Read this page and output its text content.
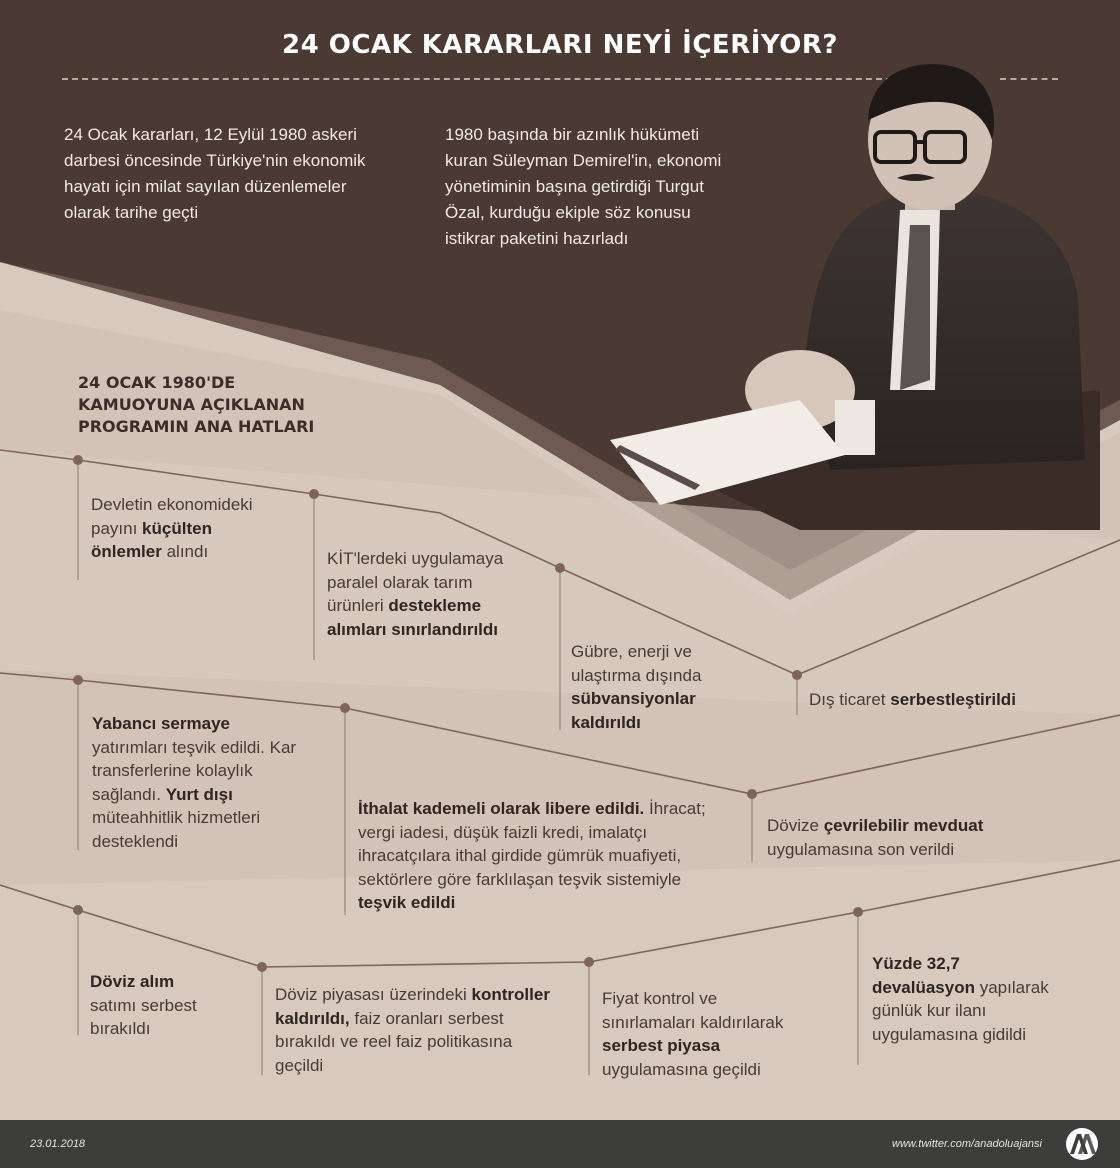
24 OCAK KARARLARI NEYİ İÇERİYOR?
24 Ocak kararları, 12 Eylül 1980 askeri darbesi öncesinde Türkiye'nin ekonomik hayatı için milat sayılan düzenlemeler olarak tarihe geçti
1980 başında bir azınlık hükümeti kuran Süleyman Demirel'in, ekonomi yönetiminin başına getirdiği Turgut Özal, kurduğu ekiple söz konusu istikrar paketini hazırladı
24 OCAK 1980'DE
KAMUOYUNA AÇIKLANAN
PROGRAMIN ANA HATLARI
Devletin ekonomideki payını küçülten önlemler alındı	KİT'lerdeki uygulamaya paralel olarak tarım ürünleri destekleme alımları sınırlandırıldı
Gübre, enerji ve ulaştırma dışında sübvansiyonlar kaldırıldı
Dış ticaret serbestleştirildi
Yabancı sermaye yatırımları teşvik edildi. Kar transferlerine kolaylık sağlandı. Yurt dışı müteahhitlik hizmetleri desteklendi
İthalat kademeli olarak libere edildi. İhracat; vergi iadesi, düşük faizli kredi, imalatçı ihracatçılara ithal girdide gümrük muafiyeti, sektörlere göre farklılaşan teşvik sistemiyle teşvik edildi
Dövize çevrilebilir mevduat uygulamasına son verildi
Döviz alım satımı serbest bırakıldı
Döviz piyasası üzerindeki kontroller kaldırıldı, faiz oranları serbest bırakıldı ve reel faiz politikasına geçildi
Fiyat kontrol ve sınırlamaları kaldırılarak serbest piyasa uygulamasına geçildi
Yüzde 32,7 devalüasyon yapılarak günlük kur ilanı uygulamasına gidildi
23.01.2018	www.twitter.com/anadoluajansi
